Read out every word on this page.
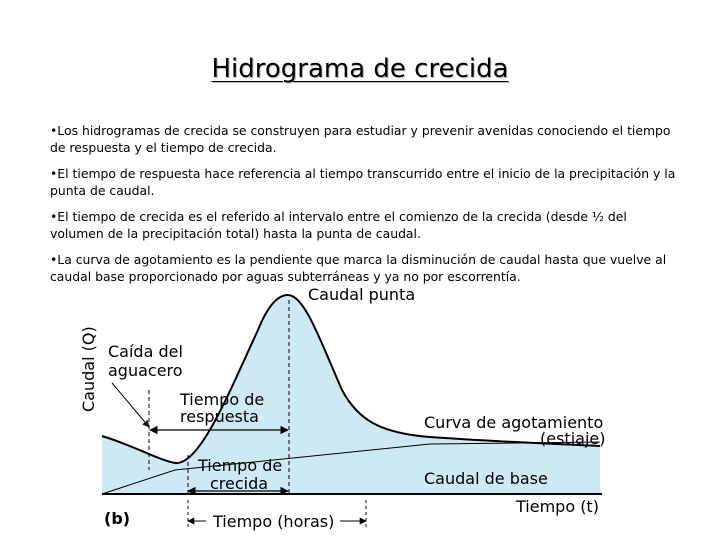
Hidrograma de crecida

•Los hidrogramas de crecida se construyen para estudiar y prevenir avenidas conociendo el tiempo de respuesta y el tiempo de crecida.

•El tiempo de respuesta hace referencia al tiempo transcurrido entre el inicio de la precipitación y la punta de caudal.

•El tiempo de crecida es el referido al intervalo entre el comienzo de la crecida (desde ½ del volumen de la precipitación total) hasta la punta de caudal.

•La curva de agotamiento es la pendiente que marca la disminución de caudal hasta que vuelve al caudal base proporcionado por aguas subterráneas y ya no por escorrentía.

Caudal punta
Caudal (Q) Caída del aguacero
Tiempo de respuesta
Tiempo de crecida
Curva de agotamiento (estiaje)
Caudal de base
Tiempo (t)
Tiempo (horas)
(b)
